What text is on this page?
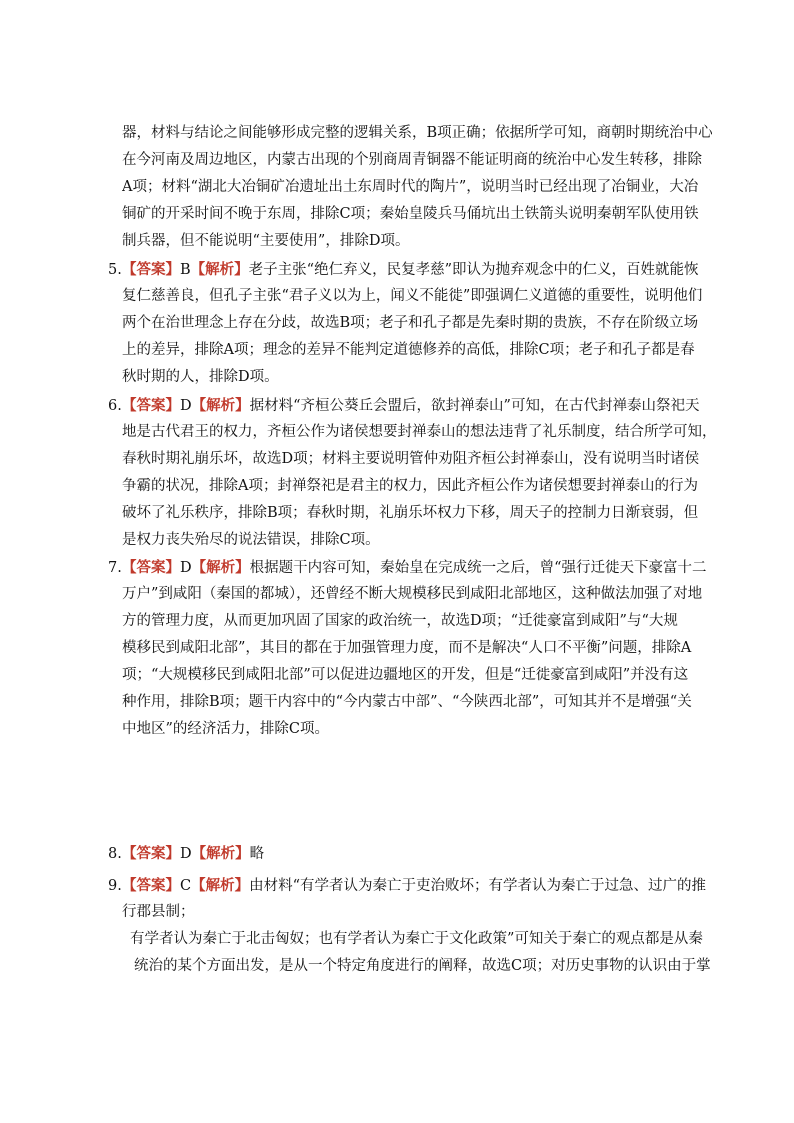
器，材料与结论之间能够形成完整的逻辑关系，B项正确；依据所学可知，商朝时期统治中心
在今河南及周边地区，内蒙古出现的个别商周青铜器不能证明商的统治中心发生转移，排除
A项；材料“湖北大冶铜矿冶遗址出土东周时代的陶片”，说明当时已经出现了冶铜业，大冶
铜矿的开采时间不晚于东周，排除C项；秦始皇陵兵马俑坑出土铁箭头说明秦朝军队使用铁
制兵器，但不能说明“主要使用”，排除D项。
5.【答案】B【解析】老子主张“绝仁弃义，民复孝慈”即认为抛弃观念中的仁义，百姓就能恢
复仁慈善良，但孔子主张“君子义以为上，闻义不能徙”即强调仁义道德的重要性，说明他们
两个在治世理念上存在分歧，故选B项；老子和孔子都是先秦时期的贵族，不存在阶级立场
上的差异，排除A项；理念的差异不能判定道德修养的高低，排除C项；老子和孔子都是春
秋时期的人，排除D项。
6.【答案】D【解析】据材料“齐桓公葵丘会盟后，欲封禅泰山”可知，在古代封禅泰山祭祀天
地是古代君王的权力，齐桓公作为诸侯想要封禅泰山的想法违背了礼乐制度，结合所学可知，
春秋时期礼崩乐坏，故选D项；材料主要说明管仲劝阻齐桓公封禅泰山，没有说明当时诸侯
争霸的状况，排除A项；封禅祭祀是君主的权力，因此齐桓公作为诸侯想要封禅泰山的行为
破坏了礼乐秩序，排除B项；春秋时期，礼崩乐坏权力下移，周天子的控制力日渐衰弱，但
是权力丧失殆尽的说法错误，排除C项。
7.【答案】D【解析】根据题干内容可知，秦始皇在完成统一之后，曾“强行迁徙天下豪富十二
万户”到咸阳（秦国的都城），还曾经不断大规模移民到咸阳北部地区，这种做法加强了对地
方的管理力度，从而更加巩固了国家的政治统一，故选D项；“迁徙豪富到咸阳”与“大规
模移民到咸阳北部”，其目的都在于加强管理力度，而不是解决“人口不平衡”问题，排除A
项；“大规模移民到咸阳北部”可以促进边疆地区的开发，但是“迁徙豪富到咸阳”并没有这
种作用，排除B项；题干内容中的“今内蒙古中部”、“今陕西北部”，可知其并不是增强“关
中地区”的经济活力，排除C项。
8.【答案】D【解析】略
9.【答案】C【解析】由材料“有学者认为秦亡于吏治败坏；有学者认为秦亡于过急、过广的推
行郡县制；
有学者认为秦亡于北击匈奴；也有学者认为秦亡于文化政策”可知关于秦亡的观点都是从秦
统治的某个方面出发，是从一个特定角度进行的阐释，故选C项；对历史事物的认识由于掌
